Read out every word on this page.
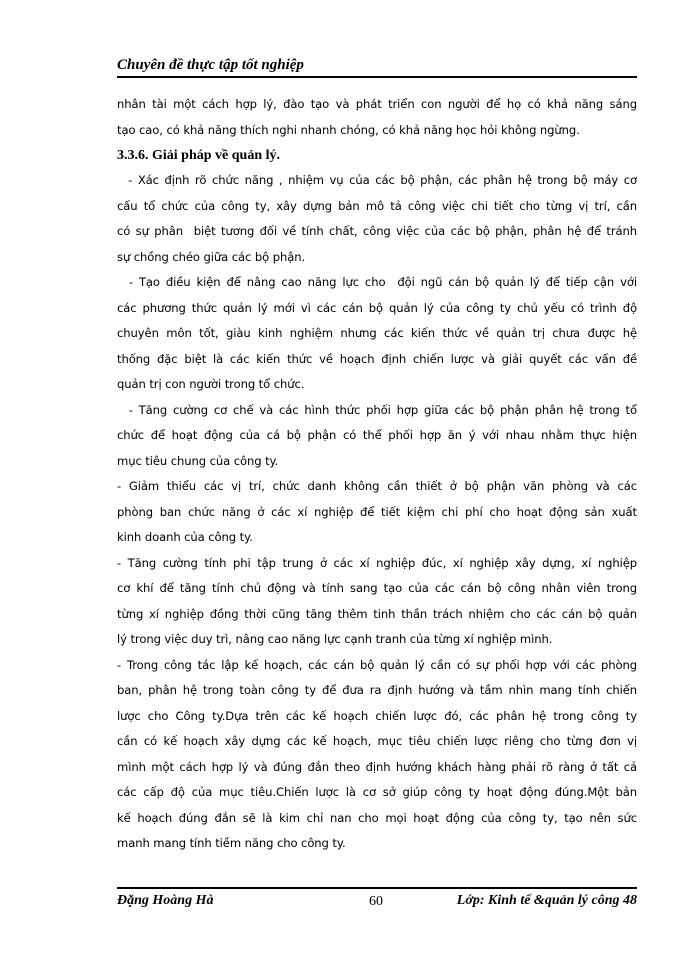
Chuyên đề thực tập tốt nghiệp

nhân tài một cách hợp lý, đào tạo và phát triển con người để họ có khả năng sáng

tạo cao, có khả năng thích nghi nhanh chóng, có khả năng học hỏi không ngừng.

3.3.6. Giải pháp về quản lý.

- Xác định rõ chức năng , nhiệm vụ của các bộ phận, các phân hệ trong bộ máy cơ

cấu tổ chức của công ty, xây dựng bản mô tả công việc chi tiết cho từng vị trí, cần

có sự phân  biệt tương đối về tính chất, công việc của các bộ phận, phân hệ để tránh

sự chồng chéo giữa các bộ phận.

- Tạo điều kiện để nâng cao năng lực cho  đội ngũ cán bộ quản lý để tiếp cận với

các phương thức quản lý mới vì các cán bộ quản lý của công ty chủ yếu có trình độ

chuyên môn tốt, giàu kinh nghiệm nhưng các kiến thức về quản trị chưa được hệ

thống đặc biệt là các kiến thức về hoạch định chiến lược và giải quyết các vấn đề

quản trị con người trong tổ chức.

- Tăng cường cơ chế và các hình thức phối hợp giữa các bộ phận phân hệ trong tổ

chức để hoạt động của cá bộ phận có thể phối hợp ăn ý với nhau nhằm thực hiện

mục tiêu chung của công ty.

- Giảm thiểu các vị trí, chức danh không cần thiết ở bộ phận văn phòng và các

phòng ban chức năng ở các xí nghiệp để tiết kiệm chi phí cho hoạt động sản xuất

kinh doanh của công ty.

- Tăng cường tính phi tập trung ở các xí nghiệp đúc, xí nghiệp xây dựng, xí nghiệp

cơ khí để tăng tính chủ động và tính sang tạo của các cán bộ công nhân viên trong

từng xí nghiệp đồng thời cũng tăng thêm tinh thần trách nhiệm cho các cán bộ quản

lý trong việc duy trì, nâng cao năng lực cạnh tranh của từng xí nghiệp mình.

- Trong công tác lập kế hoạch, các cán bộ quản lý cần có sự phối hợp với các phòng

ban, phân hệ trong toàn công ty để đưa ra định hướng và tầm nhìn mang tính chiến

lược cho Công ty.Dựa trên các kế hoạch chiến lược đó, các phân hệ trong công ty

cần có kế hoạch xây dựng các kế hoạch, mục tiêu chiến lược riêng cho từng đơn vị

mình một cách hợp lý và đúng đắn theo định hướng khách hàng phải rõ ràng ở tất cả

các cấp độ của mục tiêu.Chiến lược là cơ sở giúp công ty hoạt động đúng.Một bản

kế hoạch đúng đắn sẽ là kim chỉ nan cho mọi hoạt động của công ty, tạo nên sức

manh mang tính tiềm năng cho công ty.

Đặng Hoàng Hà	60	Lớp: Kinh tế &quản lý công 48
